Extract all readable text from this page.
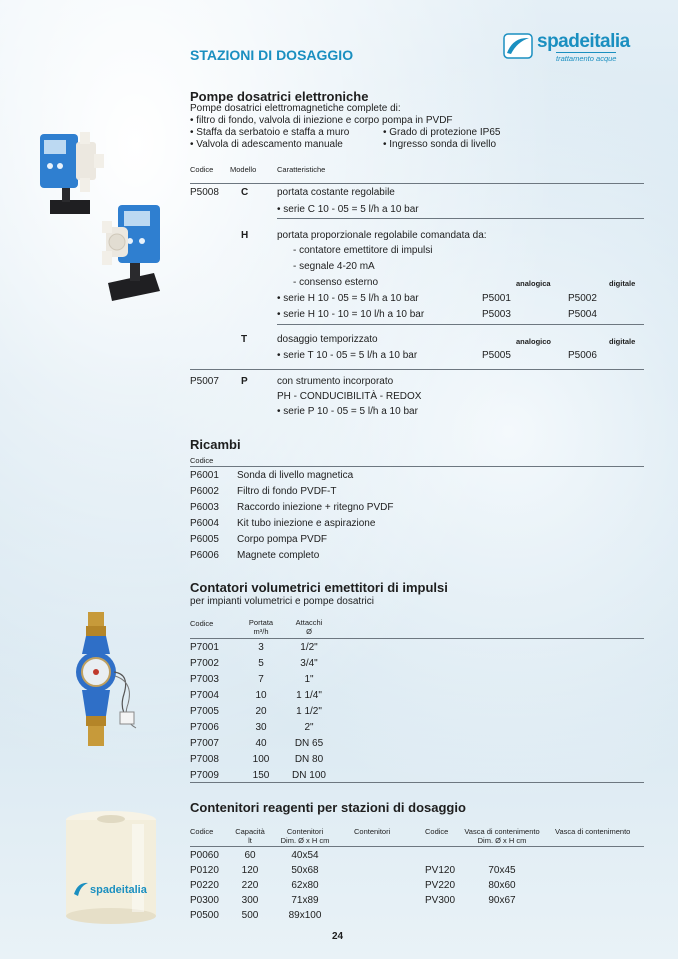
STAZIONI DI DOSAGGIO
spadeitalia
trattamento acque
Pompe dosatrici elettroniche
Pompe dosatrici elettromagnetiche complete di:
• filtro di fondo, valvola di iniezione e corpo pompa in PVDF
• Staffa da serbatoio e staffa a muro	• Grado di protezione IP65
• Valvola di adescamento manuale	• Ingresso sonda di livello
Codice Modello	Caratteristiche
P5008 C	portata costante regolabile
• serie C 10 - 05 = 5 l/h a 10 bar
H	portata proporzionale regolabile comandata da:
- contatore emettitore di impulsi
- segnale 4-20 mA
- consenso esterno	analogica	digitale
• serie H 10 - 05 = 5 l/h a 10 bar	P5001	P5002
• serie H 10 - 10 = 10 l/h a 10 bar	P5003	P5004
T	dosaggio temporizzato	analogico	digitale
• serie T 10 - 05 = 5 l/h a 10 bar	P5005	P5006
P5007 P	con strumento incorporato
PH - CONDUCIBILITÀ - REDOX
• serie P 10 - 05 = 5 l/h a 10 bar
Ricambi
Codice
P6001 Sonda di livello magnetica
P6002 Filtro di fondo PVDF-T
P6003 Raccordo iniezione + ritegno PVDF
P6004 Kit tubo iniezione e aspirazione
P6005 Corpo pompa PVDF
P6006 Magnete completo
Contatori volumetrici emettitori di impulsi
per impianti volumetrici e pompe dosatrici
Codice	Portata
m³/h
Attacchi
Ø
P7001	3	1/2"
P7002	5	3/4"
P7003	7	1"
P7004	10	1 1/4"
P7005	20	1 1/2"
P7006	30	2"
P7007	40	DN 65
P7008	100	DN 80
P7009	150 DN 100
spadeitalia
Contenitori reagenti per stazioni di dosaggio
Codice	Capacità
lt
Contenitori
Dim. Ø x H cm
Contenitori	Codice Vasca di contenimento
Dim. Ø x H cm
Vasca di contenimento
P0060	60	40x54
P0120 120	50x68	PV120	70x45
P0220 220	62x80	PV220	80x60
P0300 300	71x89	PV300	90x67
P0500 500	89x100
24
